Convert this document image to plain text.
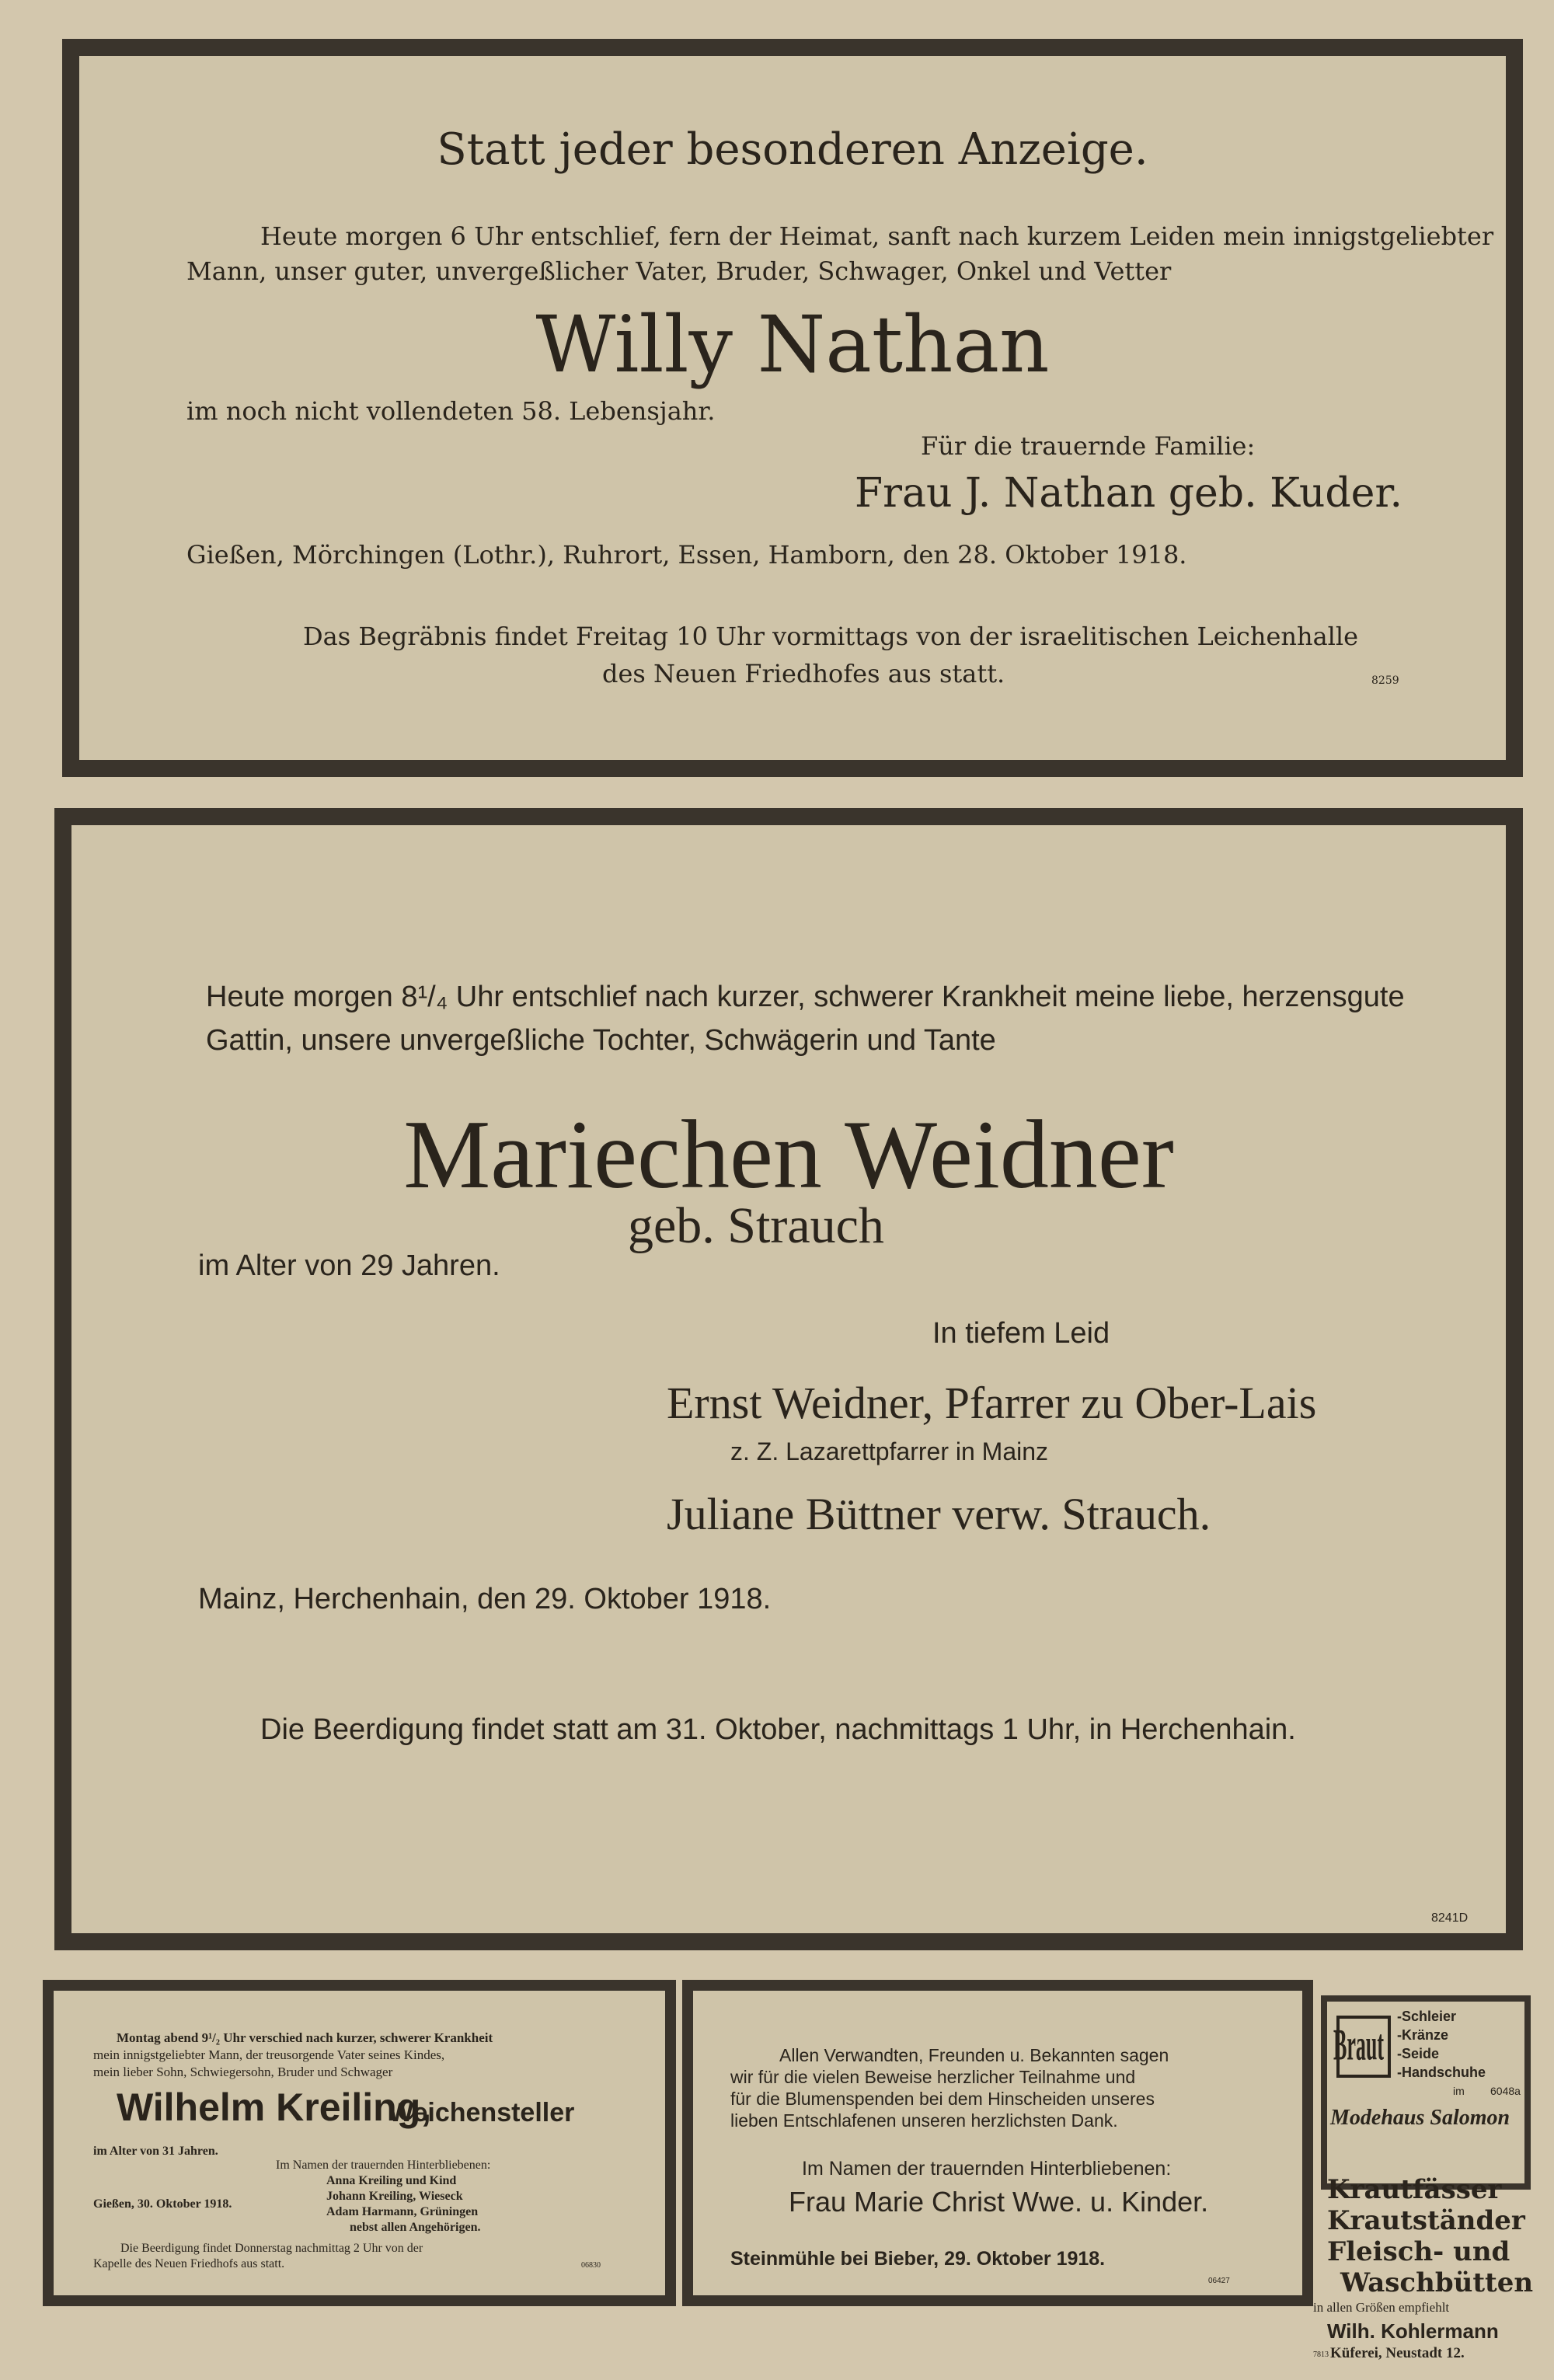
Statt jeder besonderen Anzeige.
Heute morgen 6 Uhr entschlief, fern der Heimat, sanft nach kurzem Leiden mein innigstgeliebter
Mann, unser guter, unvergeßlicher Vater, Bruder, Schwager, Onkel und Vetter
Willy Nathan
im noch nicht vollendeten 58. Lebensjahr.
Für die trauernde Familie:
Frau J. Nathan geb. Kuder.
Gießen, Mörchingen (Lothr.), Ruhrort, Essen, Hamborn, den 28. Oktober 1918.
Das Begräbnis findet Freitag 10 Uhr vormittags von der israelitischen Leichenhalle
des Neuen Friedhofes aus statt.	8259
Heute morgen 8¹/₄ Uhr entschlief nach kurzer, schwerer Krankheit meine liebe, herzensgute
Gattin, unsere unvergeßliche Tochter, Schwägerin und Tante
Mariechen Weidner
geb. Strauch
im Alter von 29 Jahren.
In tiefem Leid
Ernst Weidner, Pfarrer zu Ober-Lais
z. Z. Lazarettpfarrer in Mainz
Juliane Büttner verw. Strauch.
Mainz, Herchenhain, den 29. Oktober 1918.
Die Beerdigung findet statt am 31. Oktober, nachmittags 1 Uhr, in Herchenhain.
8241D
Montag abend 9¹/₂ Uhr verschied nach kurzer, schwerer Krankheit
mein innigstgeliebter Mann, der treusorgende Vater seines Kindes,
mein lieber Sohn, Schwiegersohn, Bruder und Schwager
Wilhelm Kreiling,
Weichensteller
im Alter von 31 Jahren.
Im Namen der trauernden Hinterbliebenen:
Anna Kreiling und Kind
Johann Kreiling, Wieseck
Adam Harmann, Grüningen
nebst allen Angehörigen.
Gießen, 30. Oktober 1918.
Die Beerdigung findet Donnerstag nachmittag 2 Uhr von der
Kapelle des Neuen Friedhofs aus statt.	06830
Allen Verwandten, Freunden u. Bekannten sagen
wir für die vielen Beweise herzlicher Teilnahme und
für die Blumenspenden bei dem Hinscheiden unseres
lieben Entschlafenen unseren herzlichsten Dank.
Im Namen der trauernden Hinterbliebenen:
Frau Marie Christ Wwe. u. Kinder.
Steinmühle bei Bieber, 29. Oktober 1918.
06427
Braut
-Schleier
-Kränze
-Seide
-Handschuhe
im 6048a
Modehaus Salomon
Krautfässer
Krautständer
Fleisch- und
Waschbütten
in allen Größen empfiehlt
Wilh. Kohlermann
7813 Küferei, Neustadt 12.
